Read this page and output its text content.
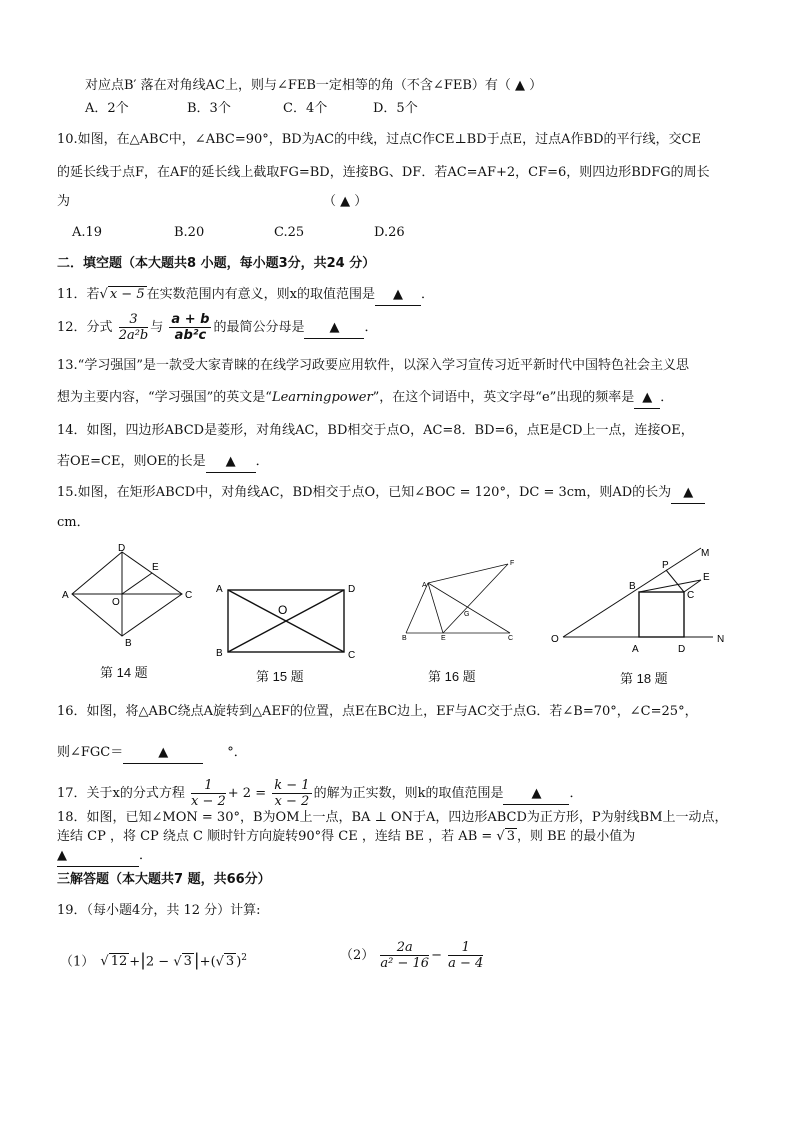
对应点B′ 落在对角线AC上，则与∠FEB一定相等的角（不含∠FEB）有（ ▲ ）
A．2个	B．3个	C．4个	D．5个
10.如图，在△ABC中，∠ABC=90°，BD为AC的中线，过点C作CE⊥BD于点E，过点A作BD的平行线，交CE
的延长线于点F，在AF的延长线上截取FG=BD，连接BG、DF．若AC=AF+2，CF=6，则四边形BDFG的周长
为	（ ▲ ）
A.19	B.20	C.25	D.26
二．填空题（本大题共8 小题，每小题3分，共24 分）
11．若√ x − 5 在实数范围内有意义，则x的取值范围是 ▲ ．
12．分式 $\frac{3}{\text{2a²b}}$ 与 $\frac{a + b}{\text{ab²c}}$ 的最简公分母是 ▲ ．
13.“学习强国”是一款受大家青睐的在线学习政要应用软件，以深入学习宣传习近平新时代中国特色社会主义思
想为主要内容，“学习强国”的英文是“Learningpower”，在这个词语中，英文字母“e”出现的频率是 ▲ ．
14．如图，四边形ABCD是菱形，对角线AC，BD相交于点O，AC=8．BD=6，点E是CD上一点，连接OE，
若OE=CE，则OE的长是 ▲ ．
15.如图，在矩形ABCD中，对角线AC，BD相交于点O，已知∠BOC = 120°，DC = 3cm，则AD的长为 ▲
cm．
A
D
C
B
E
O
第 14 题
A	D
B	C
O
第 15 题
A
F
B	E	C
G
第 16 题
O
A	D
B
C
P
E
M
N
第 18 题
16．如图，将△ABC绕点A旋转到△AEF的位置，点E在BC边上，EF与AC交于点G．若∠B=70°，∠C=25°，
则∠FGC＝	▲	°．
17．关于x的分式方程 $\frac{1}{x - 2} + 2 = \frac{k - 1}{x - 2}$ 的解为正实数，则k的取值范围是 ▲ ．
18．如图，已知∠MON = 30°，B为OM上一点，BA ⊥ ON于A，四边形ABCD为正方形，P为射线BM上一动点，
连结 CP ，将 CP 绕点 C 顺时针方向旋转90°得 CE ，连结 BE ，若 AB = √ 3 ，则 BE 的最小值为
▲	．
三解答题（本大题共7 题，共66分）
19．（每小题4分，共 12 分）计算:
（1） √ 12 +|2 − √ 3 |+(√ 3 )$^2$	$(2) \frac{2a}{\text{a² − 16}} - \frac{1}{a - 4}$
